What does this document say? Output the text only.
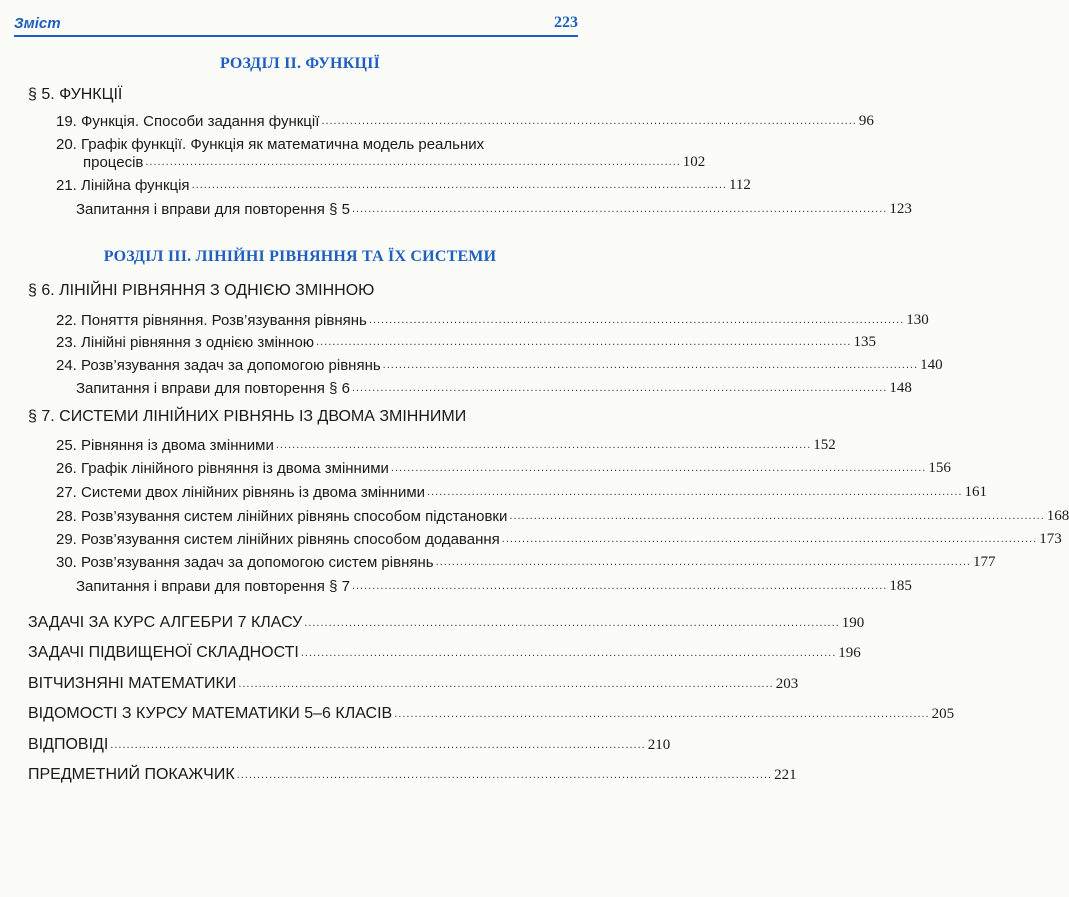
Зміст	223
РОЗДІЛ II. ФУНКЦІЇ
§ 5. ФУНКЦІЇ
19. Функція. Способи задання функції .................................................................................................................................... 96
20. Графік функції. Функція як математична модель реальних
процесів .................................................................................................................................... 102
21. Лінійна функція .................................................................................................................................... 112
Запитання і вправи для повторення § 5 .................................................................................................................................... 123
РОЗДІЛ III. ЛІНІЙНІ РІВНЯННЯ ТА ЇХ СИСТЕМИ
§ 6. ЛІНІЙНІ РІВНЯННЯ З ОДНІЄЮ ЗМІННОЮ
22. Поняття рівняння. Розв’язування рівнянь .................................................................................................................................... 130
23. Лінійні рівняння з однією змінною .................................................................................................................................... 135
24. Розв’язування задач за допомогою рівнянь .................................................................................................................................... 140
Запитання і вправи для повторення § 6 .................................................................................................................................... 148
§ 7. СИСТЕМИ ЛІНІЙНИХ РІВНЯНЬ ІЗ ДВОМА ЗМІННИМИ
25. Рівняння із двома змінними .................................................................................................................................... 152
26. Графік лінійного рівняння із двома змінними .................................................................................................................................... 156
27. Системи двох лінійних рівнянь із двома змінними .................................................................................................................................... 161
28. Розв’язування систем лінійних рівнянь способом підстановки .................................................................................................................................... 168
29. Розв’язування систем лінійних рівнянь способом додавання .................................................................................................................................... 173
30. Розв’язування задач за допомогою систем рівнянь .................................................................................................................................... 177
Запитання і вправи для повторення § 7 .................................................................................................................................... 185
ЗАДАЧІ ЗА КУРС АЛГЕБРИ 7 КЛАСУ .................................................................................................................................... 190
ЗАДАЧІ ПІДВИЩЕНОЇ СКЛАДНОСТІ .................................................................................................................................... 196
ВІТЧИЗНЯНІ МАТЕМАТИКИ .................................................................................................................................... 203
ВІДОМОСТІ З КУРСУ МАТЕМАТИКИ 5–6 КЛАСІВ .................................................................................................................................... 205
ВІДПОВІДІ .................................................................................................................................... 210
ПРЕДМЕТНИЙ ПОКАЖЧИК .................................................................................................................................... 221
